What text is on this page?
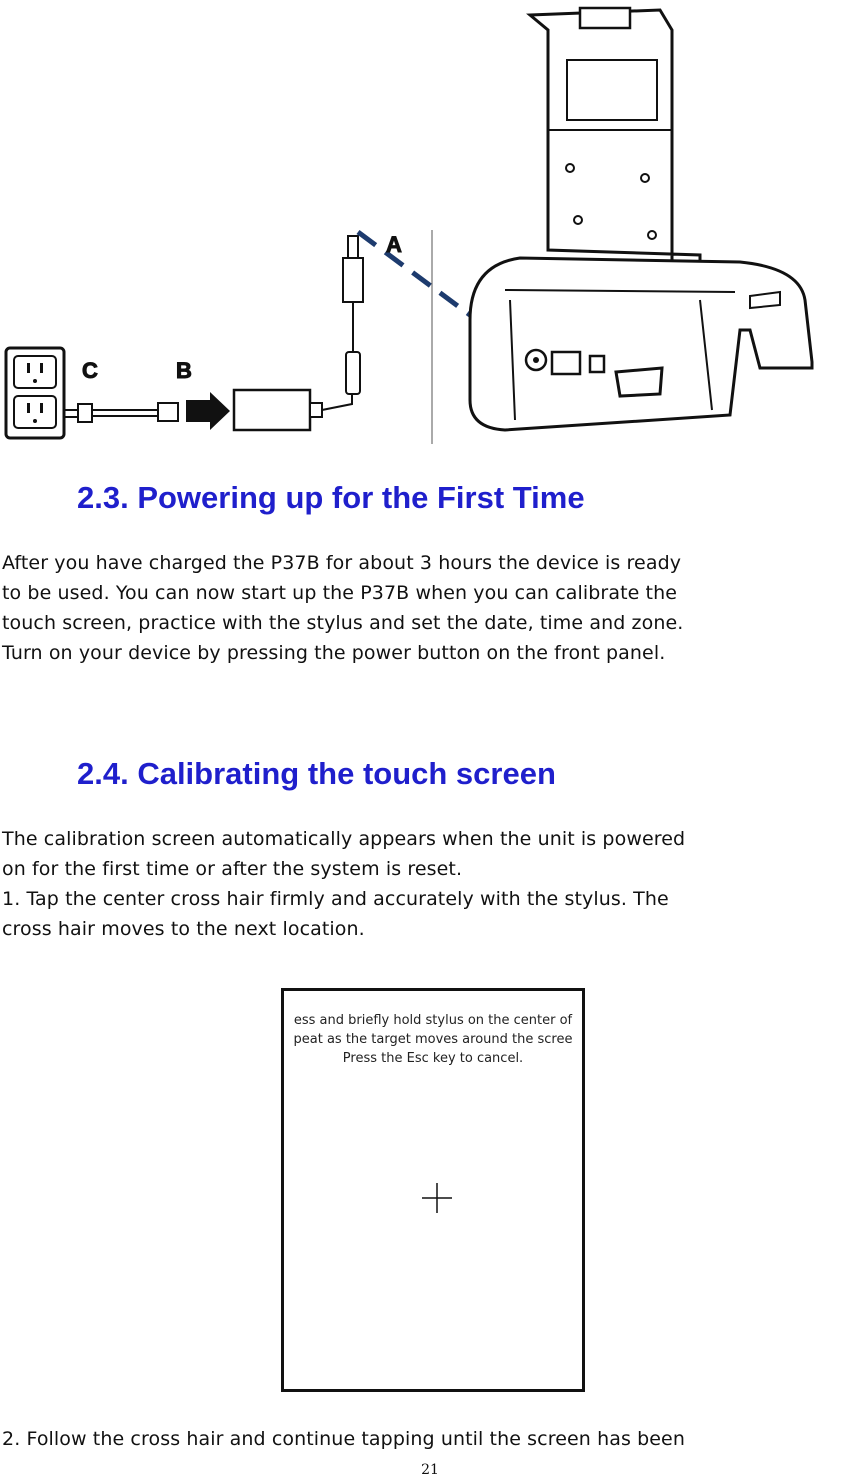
A
C	B
2.3. Powering up for the First Time
After you have charged the P37B for about 3 hours the device is ready
to be used. You can now start up the P37B when you can calibrate the
touch screen, practice with the stylus and set the date, time and zone.
Turn on your device by pressing the power button on the front panel.
2.4. Calibrating the touch screen
The calibration screen automatically appears when the unit is powered
on for the first time or after the system is reset.
1. Tap the center cross hair firmly and accurately with the stylus. The
cross hair moves to the next location.
ess and briefly hold stylus on the center of
peat as the target moves around the scree
Press the Esc key to cancel.
2. Follow the cross hair and continue tapping until the screen has been
21
